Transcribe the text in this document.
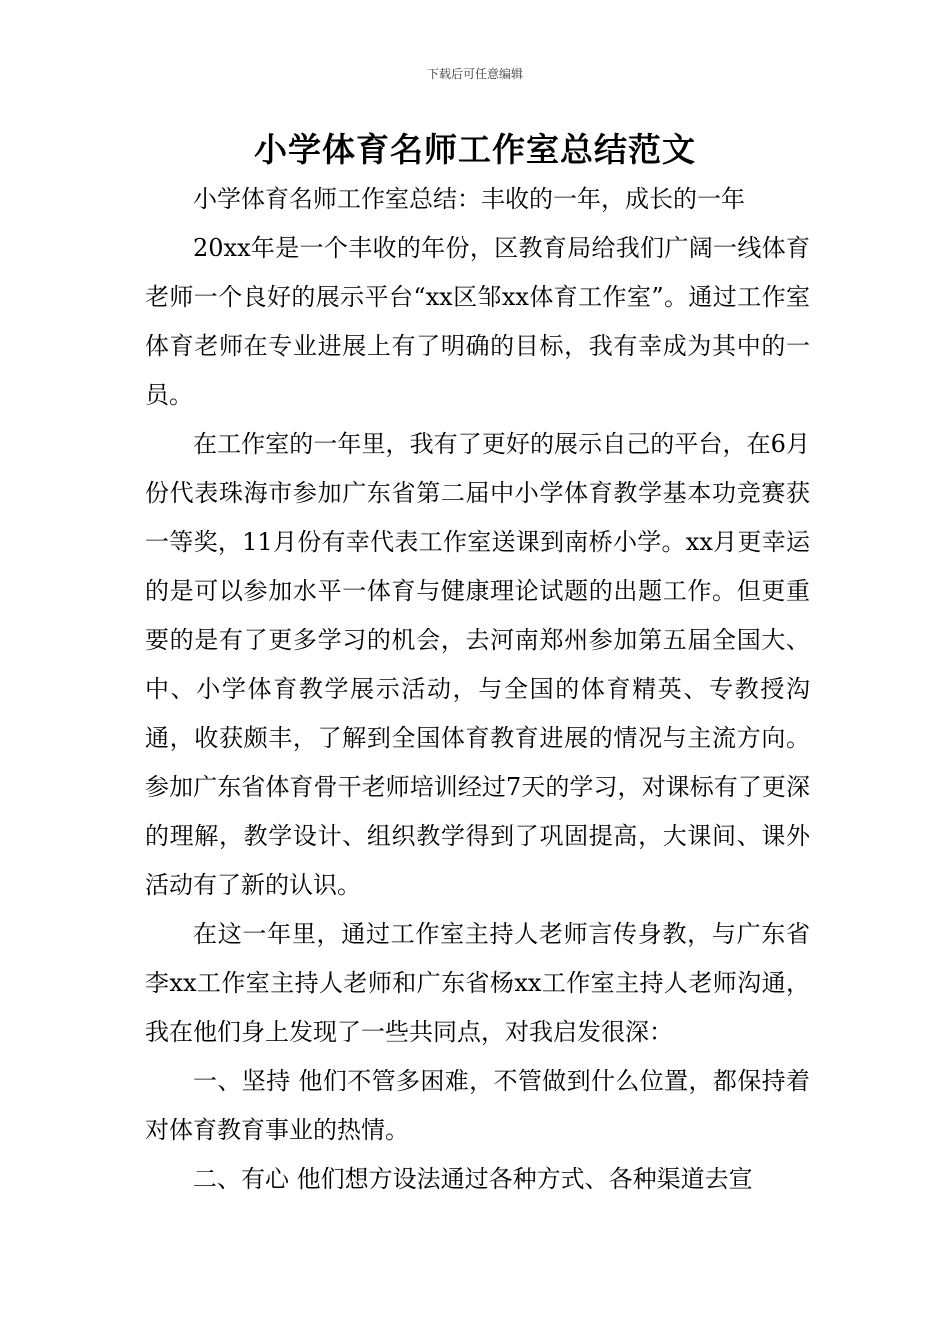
下载后可任意编辑
小学体育名师工作室总结范文

小学体育名师工作室总结：丰收的一年，成长的一年

20xx年是一个丰收的年份，区教育局给我们广阔一线体育老师一个良好的展示平台“xx区邹xx体育工作室”。通过工作室体育老师在专业进展上有了明确的目标，我有幸成为其中的一员。

在工作室的一年里，我有了更好的展示自己的平台，在6月份代表珠海市参加广东省第二届中小学体育教学基本功竞赛获一等奖，11月份有幸代表工作室送课到南桥小学。xx月更幸运的是可以参加水平一体育与健康理论试题的出题工作。但更重要的是有了更多学习的机会，去河南郑州参加第五届全国大、中、小学体育教学展示活动，与全国的体育精英、专教授沟通，收获颇丰，了解到全国体育教育进展的情况与主流方向。参加广东省体育骨干老师培训经过7天的学习，对课标有了更深的理解，教学设计、组织教学得到了巩固提高，大课间、课外活动有了新的认识。

在这一年里，通过工作室主持人老师言传身教，与广东省李xx工作室主持人老师和广东省杨xx工作室主持人老师沟通，我在他们身上发现了一些共同点，对我启发很深：

一、坚持 他们不管多困难，不管做到什么位置，都保持着对体育教育事业的热情。

二、有心 他们想方设法通过各种方式、各种渠道去宣
